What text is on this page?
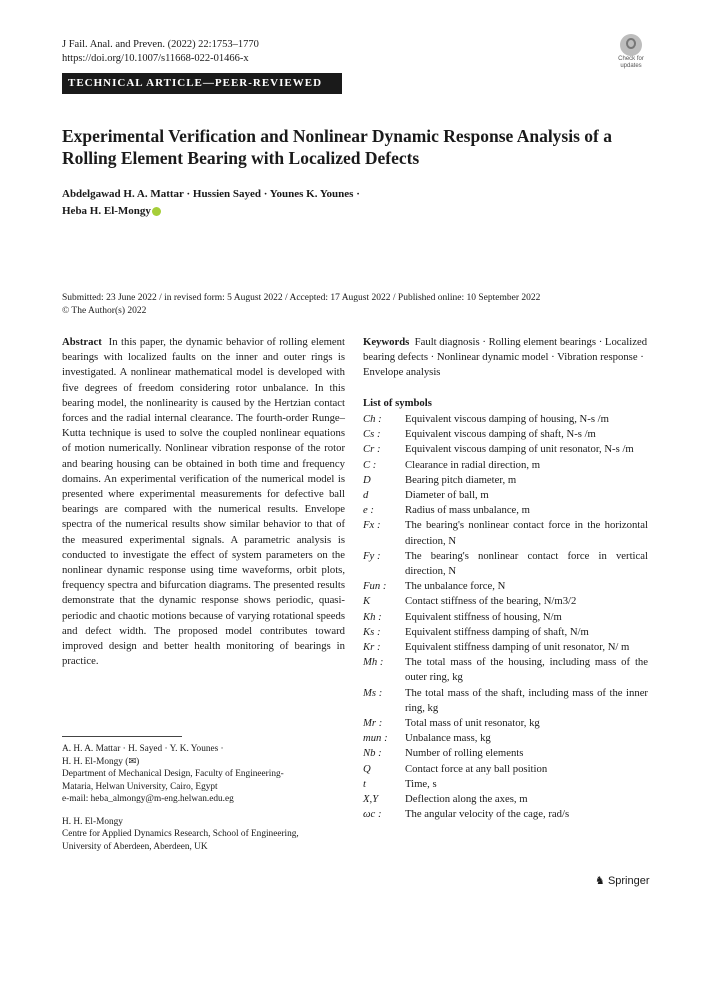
J Fail. Anal. and Preven. (2022) 22:1753–1770
https://doi.org/10.1007/s11668-022-01466-x	Check for
updates
TECHNICAL ARTICLE—PEER-REVIEWED
Experimental Verification and Nonlinear Dynamic Response Analysis of a Rolling Element Bearing with Localized Defects
Abdelgawad H. A. Mattar · Hussien Sayed · Younes K. Younes ·
Heba H. El-Mongy
Submitted: 23 June 2022 / in revised form: 5 August 2022 / Accepted: 17 August 2022 / Published online: 10 September 2022
© The Author(s) 2022
Abstract In this paper, the dynamic behavior of rolling element bearings with localized faults on the inner and outer rings is investigated. A nonlinear mathematical model is developed with five degrees of freedom considering rotor unbalance. In this bearing model, the nonlinearity is caused by the Hertzian contact forces and the radial internal clearance. The fourth-order Runge–Kutta technique is used to solve the coupled nonlinear equations of motion numerically. Nonlinear vibration response of the rotor and bearing housing can be obtained in both time and frequency domains. An experimental verification of the numerical model is presented where experimental measurements for defective ball bearings are compared with the numerical results. Envelope spectra of the numerical results show similar behavior to that of the measured experimental signals. A parametric analysis is conducted to investigate the effect of system parameters on the nonlinear dynamic response using time waveforms, orbit plots, frequency spectra and bifurcation diagrams. The presented results demonstrate that the dynamic response shows periodic, quasi-periodic and chaotic motions because of varying rotational speeds and defect width. The proposed model contributes toward improved design and better health monitoring of bearings in practice.

A. H. A. Mattar · H. Sayed · Y. K. Younes ·
H. H. El-Mongy (✉)
Department of Mechanical Design, Faculty of Engineering-
Mataria, Helwan University, Cairo, Egypt
e-mail: heba_almongy@m-eng.helwan.edu.eg

H. H. El-Mongy
Centre for Applied Dynamics Research, School of Engineering,
University of Aberdeen, Aberdeen, UK

Keywords Fault diagnosis · Rolling element bearings · Localized bearing defects · Nonlinear dynamic model · Vibration response · Envelope analysis
List of symbols
Ch :	Equivalent viscous damping of housing, N-s /m
Cs :	Equivalent viscous damping of shaft, N-s /m
Cr :	Equivalent viscous damping of unit resonator, N-s /m
C :	Clearance in radial direction, m
D	Bearing pitch diameter, m
d	Diameter of ball, m
e :	Radius of mass unbalance, m
Fx :	The bearing's nonlinear contact force in the horizontal direction, N
Fy :	The bearing's nonlinear contact force in vertical direction, N
Fun :	The unbalance force, N
K	Contact stiffness of the bearing, N/m3/2
Kh :	Equivalent stiffness of housing, N/m
Ks :	Equivalent stiffness damping of shaft, N/m
Kr :	Equivalent stiffness damping of unit resonator, N/ m
Mh :	The total mass of the housing, including mass of the outer ring, kg
Ms :	The total mass of the shaft, including mass of the inner ring, kg
Mr :	Total mass of unit resonator, kg
mun :	Unbalance mass, kg
Nb :	Number of rolling elements
Q	Contact force at any ball position
t	Time, s
X,Y	Deflection along the axes, m
ωc :	The angular velocity of the cage, rad/s
♞ Springer
